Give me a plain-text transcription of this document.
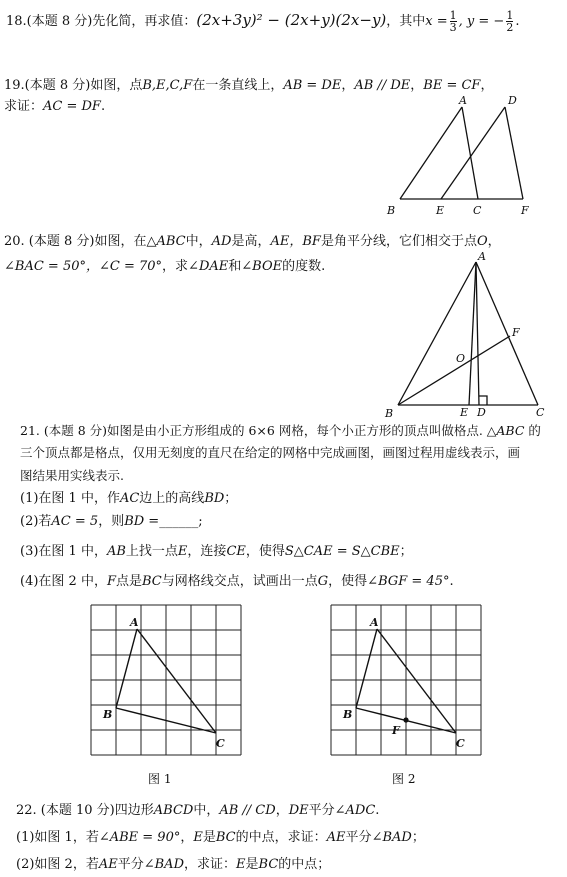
18.(本题 8 分)先化简，再求值：(2x+3y)² − (2x+y)(2x−y)，其中$x = \frac{1}{3}$ , y = − $\frac{1}{2}$ .
19.(本题 8 分)如图，点B,E,C,F在一条直线上，AB = DE，AB // DE，BE = CF，
求证：AC = DF.	A	D
B	E	C	F
20. (本题 8 分)如图，在△ABC中，AD是高，AE，BF是角平分线，它们相交于点O，
∠BAC = 50°，∠C = 70°，求∠DAE和∠BOE的度数.
A
B	C
E D
F
O
21. (本题 8 分)如图是由小正方形组成的 6×6 网格，每个小正方形的顶点叫做格点. △ABC 的
三个顶点都是格点，仅用无刻度的直尺在给定的网格中完成画图，画图过程用虚线表示，画
图结果用实线表示.
(1)在图 1 中，作AC边上的高线BD；
(2)若AC = 5，则BD =______;
(3)在图 1 中，AB上找一点E，连接CE，使得S△CAE = S△CBE；
(4)在图 2 中，F点是BC与网格线交点，试画出一点G，使得∠BGF = 45°.
A
B
C
图 1
A
B
C
F
图 2
22. (本题 10 分)四边形ABCD中，AB // CD，DE平分∠ADC.
(1)如图 1，若∠ABE = 90°，E是BC的中点，求证：AE平分∠BAD；
(2)如图 2，若AE平分∠BAD，求证：E是BC的中点；
